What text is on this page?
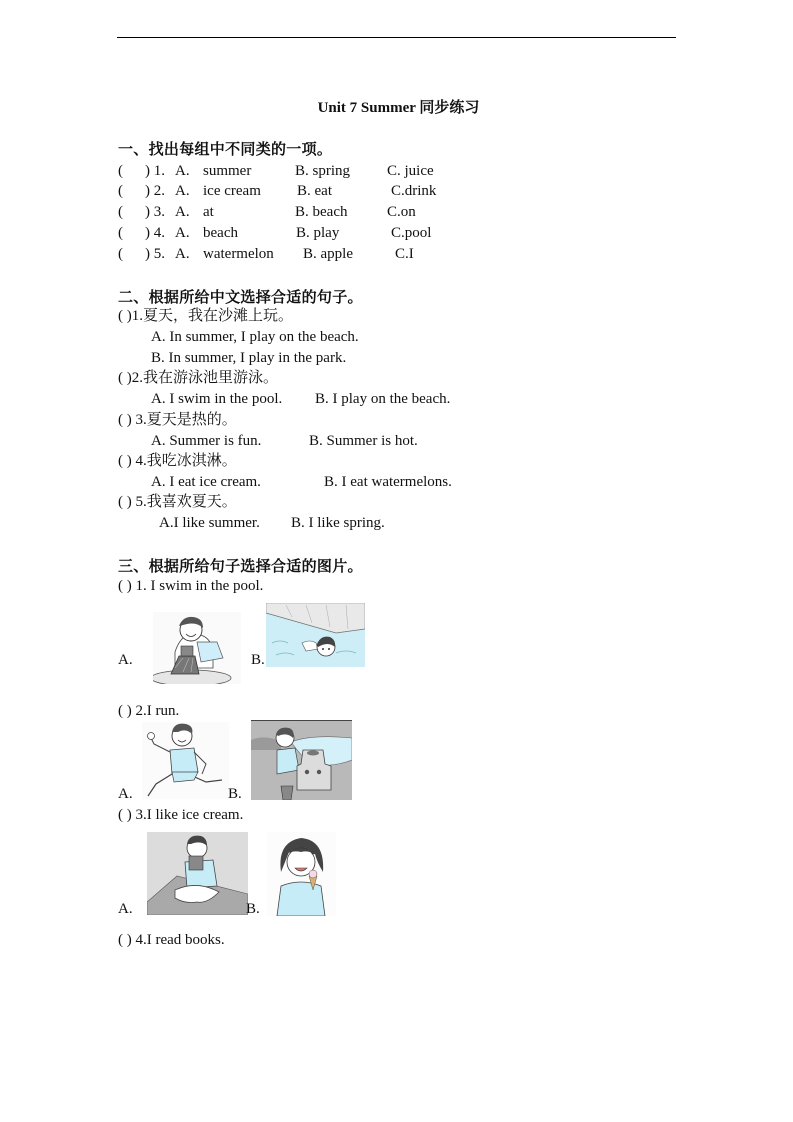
Unit 7 Summer 同步练习
一、找出每组中不同类的一项。
( ) 1. A. summer	B. spring C. juice
( ) 2. A. ice cream B. eat	C.drink
( ) 3. A. at	B. beach	C.on
( ) 4. A. beach	B. play	C.pool
( ) 5. A. watermelon B. apple	C.I
二、根据所给中文选择合适的句子。
( )1.夏天，我在沙滩上玩。
A. In summer, I play on the beach.
B. In summer, I play in the park.
( )2.我在游泳池里游泳。
A. I swim in the pool. B. I play on the beach.
( ) 3.夏天是热的。
A. Summer is fun.	B. Summer is hot.
( ) 4.我吃冰淇淋。
A. I eat ice cream.	B. I eat watermelons.
( ) 5.我喜欢夏天。
A.I like summer. B. I like spring.
三、根据所给句子选择合适的图片。
( ) 1. I swim in the pool.
A.	B.
( ) 2.I run.
A.	B.
( ) 3.I like ice cream.
A.	B.
( ) 4.I read books.
